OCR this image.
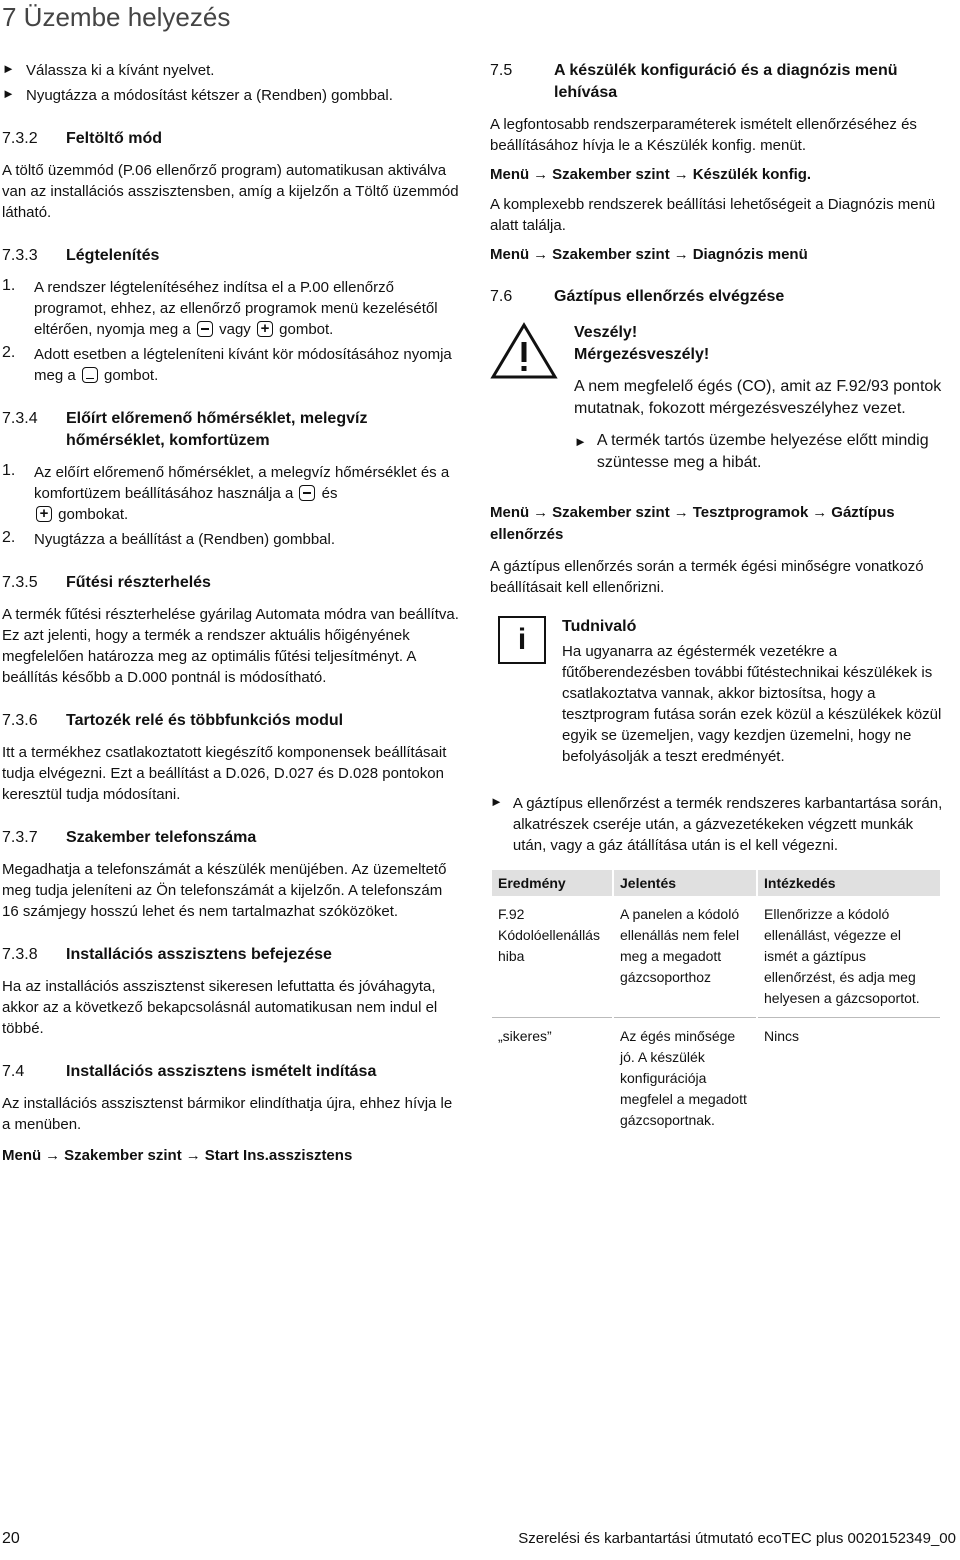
7 Üzembe helyezés
► Válassza ki a kívánt nyelvet.

► Nyugtázza a módosítást kétszer a (Rendben) gombbal.

7.3.2	Feltöltő mód

A töltő üzemmód (P.06 ellenőrző program) automatikusan aktiválva van az installációs asszisztensben, amíg a kijelzőn a Töltő üzemmód látható.

7.3.3	Légtelenítés
1.	A rendszer légtelenítéséhez indítsa el a P.00 ellenőrző programot, ehhez, az ellenőrző programok menü kezelésétől eltérően, nyomja meg a vagy + gombot.

2.	Adott esetben a légteleníteni kívánt kör módosításához nyomja meg a gombot.

7.3.4	Előírt előremenő hőmérséklet, melegvíz hőmérséklet, komfortüzem
1.	Az előírt előremenő hőmérséklet, a melegvíz hőmérséklet és a komfortüzem beállításához használja a és
+ gombokat.

2.	Nyugtázza a beállítást a (Rendben) gombbal.

7.3.5	Fűtési részterhelés

A termék fűtési részterhelése gyárilag Automata módra van beállítva. Ez azt jelenti, hogy a termék a rendszer aktuális hőigényének megfelelően határozza meg az optimális fűtési teljesítményt. A beállítás később a D.000 pontnál is módosítható.

7.3.6	Tartozék relé és többfunkciós modul

Itt a termékhez csatlakoztatott kiegészítő komponensek beállításait tudja elvégezni. Ezt a beállítást a D.026, D.027 és D.028 pontokon keresztül tudja módosítani.

7.3.7	Szakember telefonszáma

Megadhatja a telefonszámát a készülék menüjében. Az üzemeltető meg tudja jeleníteni az Ön telefonszámát a kijelzőn. A telefonszám 16 számjegy hosszú lehet és nem tartalmazhat szóközöket.

7.3.8	Installációs asszisztens befejezése

Ha az installációs asszisztenst sikeresen lefuttatta és jóváhagyta, akkor az a következő bekapcsolásnál automatikusan nem indul el többé.

7.4	Installációs asszisztens ismételt indítása

Az installációs asszisztenst bármikor elindíthatja újra, ehhez hívja le a menüben.

Menü → Szakember szint → Start Ins.asszisztens
7.5	A készülék konfiguráció és a diagnózis menü lehívása

A legfontosabb rendszerparaméterek ismételt ellenőrzéséhez és beállításához hívja le a Készülék konfig. menüt.

Menü → Szakember szint → Készülék konfig.

A komplexebb rendszerek beállítási lehetőségeit a Diagnózis menü alatt találja.

Menü → Szakember szint → Diagnózis menü
7.6	Gáztípus ellenőrzés elvégzése
Veszély!
Mérgezésveszély!
A nem megfelelő égés (CO), amit az F.92/93 pontok mutatnak, fokozott mérgezésveszélyhez vezet.
► A termék tartós üzembe helyezése előtt mindig szüntesse meg a hibát.
Menü → Szakember szint → Tesztprogramok → Gáztípus ellenőrzés

A gáztípus ellenőrzés során a termék égési minőségre vonatkozó beállításait kell ellenőrizni.

i	Tudnivaló
Ha ugyanarra az égéstermék vezetékre a fűtőberendezésben további fűtéstechnikai készülékek is csatlakoztatva vannak, akkor biztosítsa, hogy a tesztprogram futása során ezek közül a készülékek közül egyik se üzemeljen, vagy kezdjen üzemelni, hogy ne befolyásolják a teszt eredményét.
► A gáztípus ellenőrzést a termék rendszeres karbantartása során, alkatrészek cseréje után, a gázvezetékeken végzett munkák után, vagy a gáz átállítása után is el kell végezni.

Eredmény	Jelentés	Intézkedés
F.92 Kódolóellenállás hiba	A panelen a kódoló ellenállás nem felel meg a megadott gázcsoporthoz	Ellenőrizze a kódoló ellenállást, végezze el ismét a gáztípus ellenőrzést, és adja meg helyesen a gázcsoportot.
„sikeres”	Az égés minősége jó. A készülék konfigurációja megfelel a megadott gázcsoportnak.	Nincs
20	Szerelési és karbantartási útmutató ecoTEC plus 0020152349_00
